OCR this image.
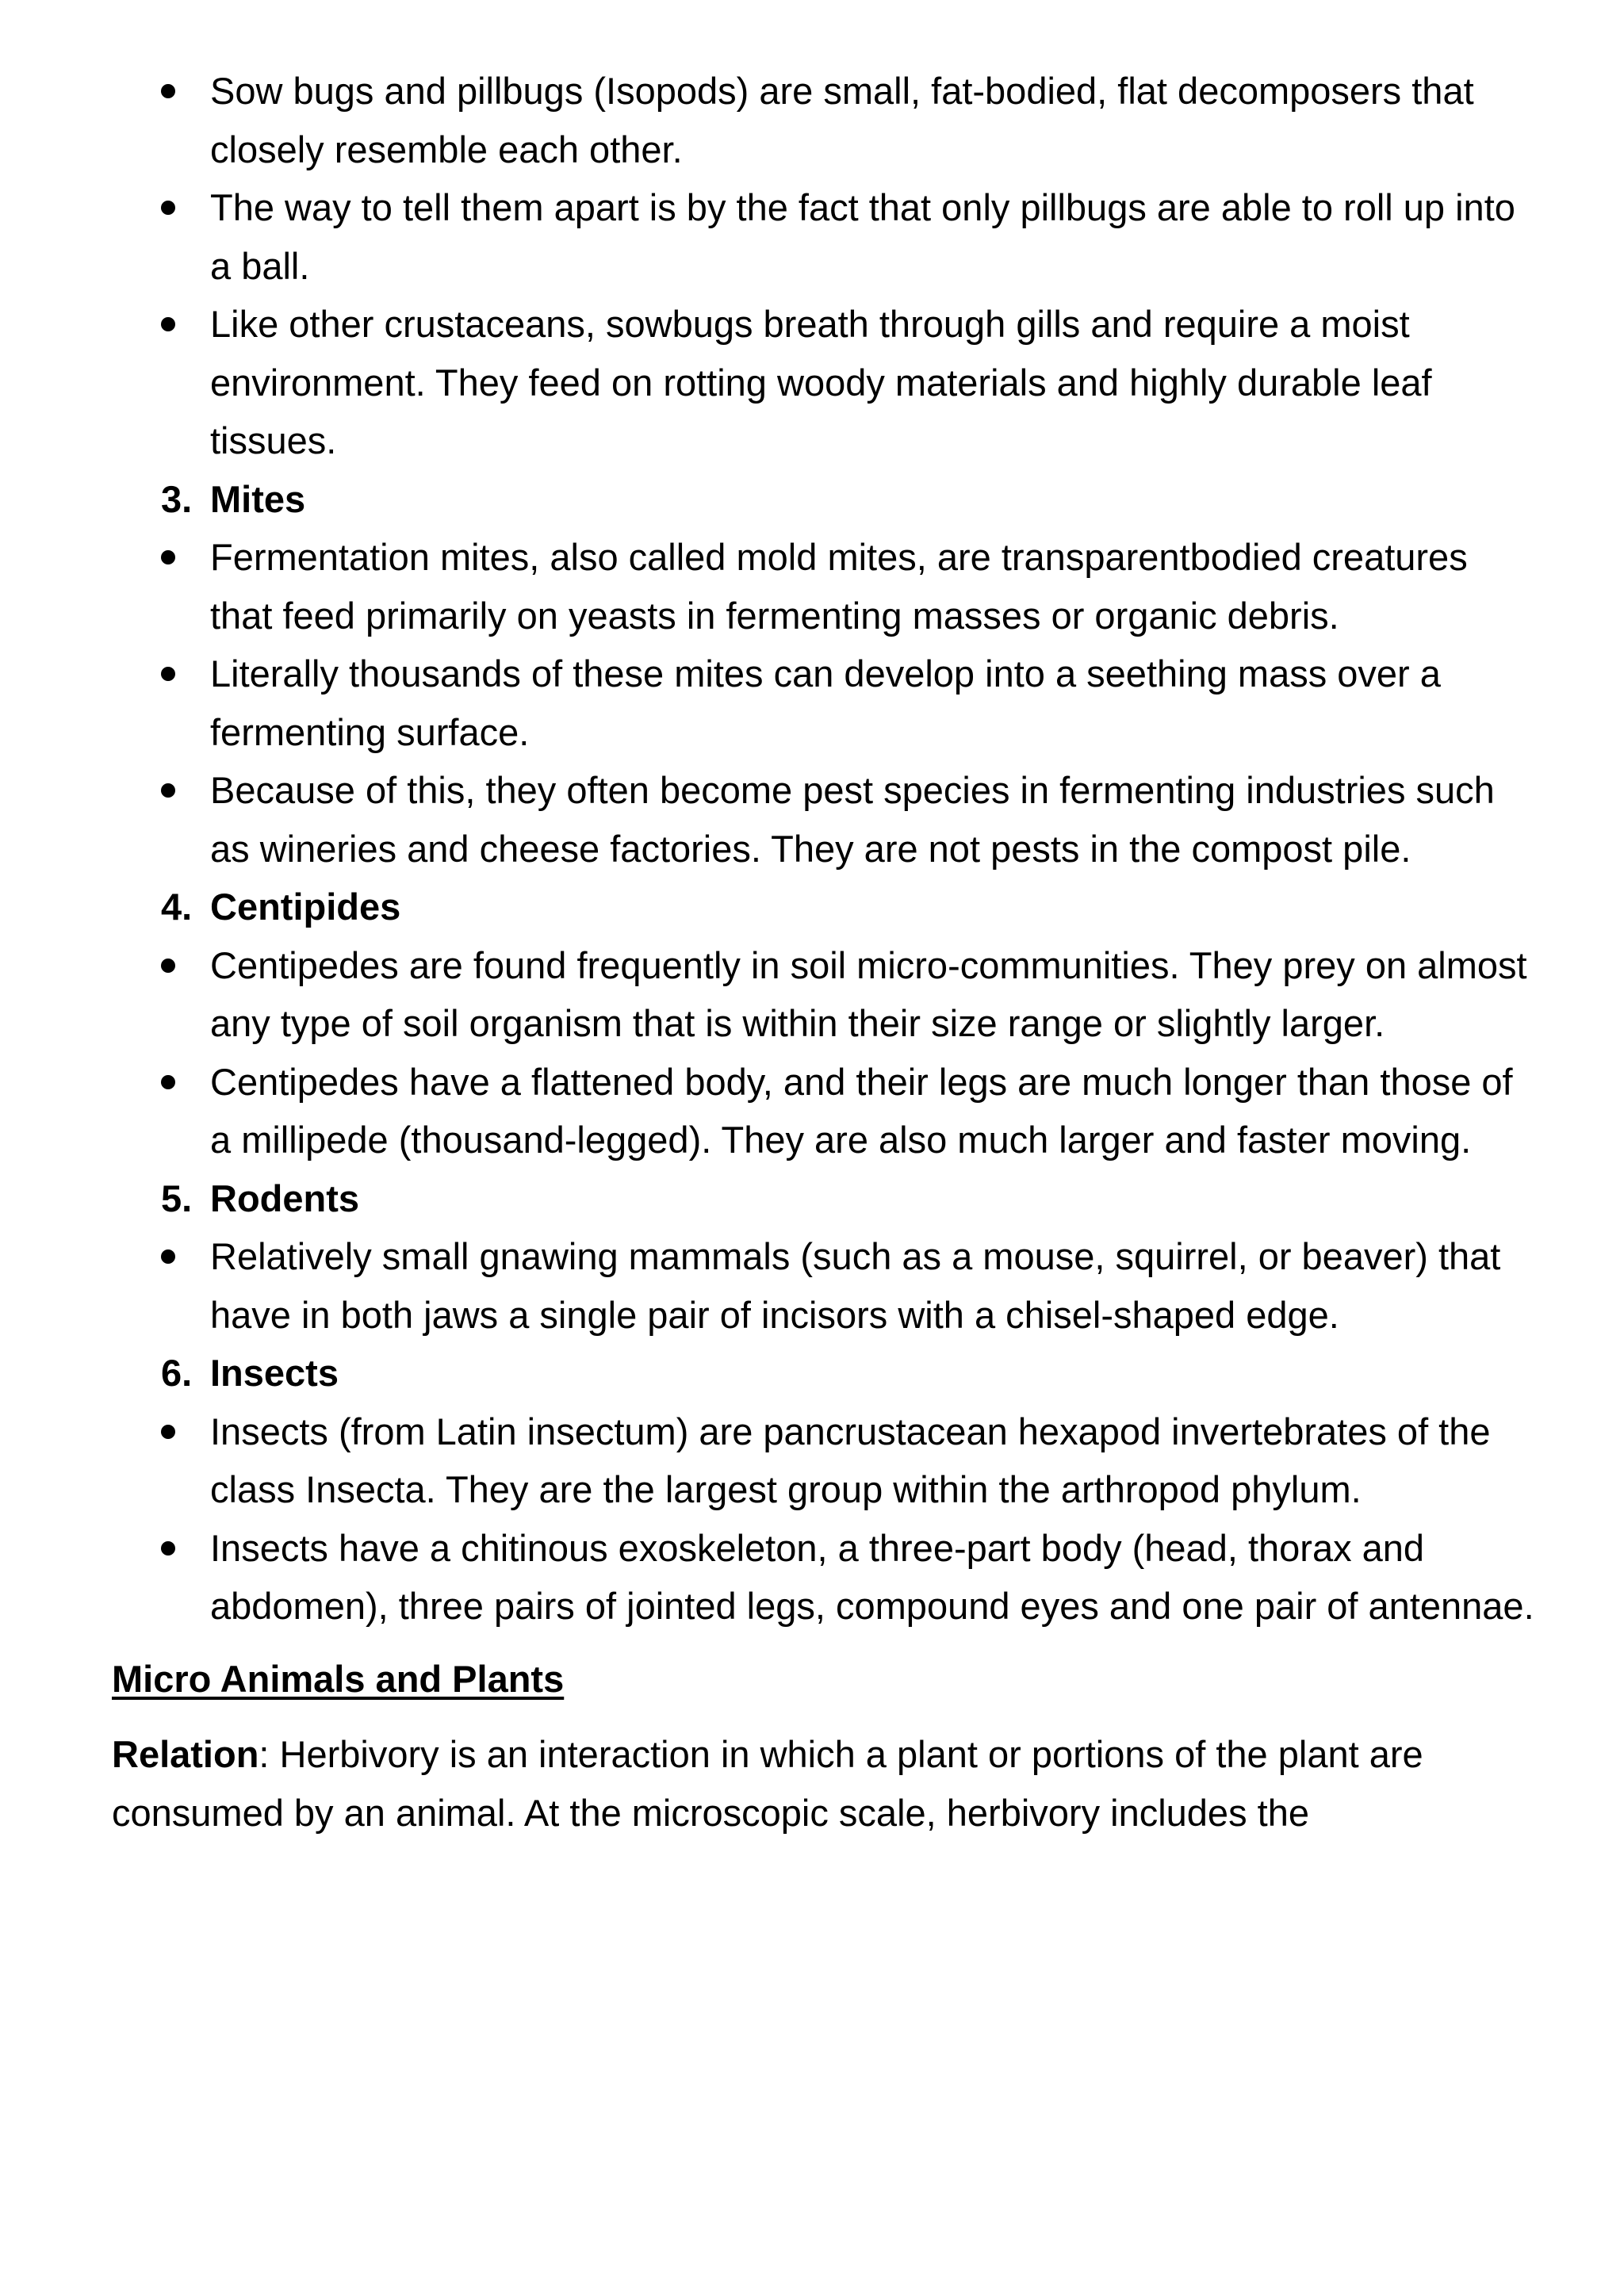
Sow bugs and pillbugs (Isopods) are small, fat-bodied, flat decomposers that closely resemble each other.
The way to tell them apart is by the fact that only pillbugs are able to roll up into a ball.
Like other crustaceans, sowbugs breath through gills and require a moist environment. They feed on rotting woody materials and highly durable leaf tissues.
3. Mites
Fermentation mites, also called mold mites, are transparentbodied creatures that feed primarily on yeasts in fermenting masses or organic debris.
Literally thousands of these mites can develop into a seething mass over a fermenting surface.
Because of this, they often become pest species in fermenting industries such as wineries and cheese factories. They are not pests in the compost pile.
4. Centipides
Centipedes are found frequently in soil micro-communities. They prey on almost any type of soil organism that is within their size range or slightly larger.
Centipedes have a flattened body, and their legs are much longer than those of a millipede (thousand-legged). They are also much larger and faster moving.
5. Rodents
Relatively small gnawing mammals (such as a mouse, squirrel, or beaver) that have in both jaws a single pair of incisors with a chisel-shaped edge.
6. Insects
Insects (from Latin insectum) are pancrustacean hexapod invertebrates of the class Insecta. They are the largest group within the arthropod phylum.
Insects have a chitinous exoskeleton, a three-part body (head, thorax and abdomen), three pairs of jointed legs, compound eyes and one pair of antennae.
Micro Animals and Plants
Relation: Herbivory is an interaction in which a plant or portions of the plant are consumed by an animal. At the microscopic scale, herbivory includes the
